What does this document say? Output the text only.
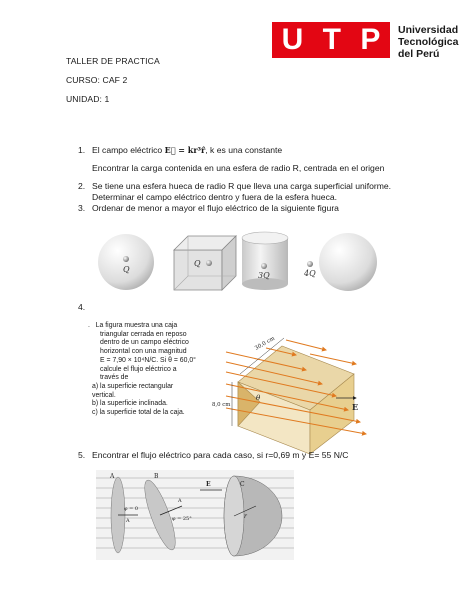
U T P Universidad
Tecnológica
del Perú
TALLER DE PRACTICA
CURSO: CAF 2
UNIDAD: 1
1. El campo eléctrico E⃗ = kr³r̂, k es una constante
Encontrar la carga contenida en una esfera de radio R, centrada en el origen
2. Se tiene una esfera hueca de radio R que lleva una carga superficial uniforme.
Determinar el campo eléctrico dentro y fuera de la esfera hueca.
3. Ordenar de menor a mayor el flujo eléctrico de la siguiente figura
Q
Q
3Q	4Q
4.
. La figura muestra una caja
triangular cerrada en reposo
dentro de un campo eléctrico
horizontal con una magnitud
E = 7,90 × 10⁴N/C. Si θ = 60,0°
calcule el flujo eléctrico a
través de
a) la superficie rectangular
vertical.
b) la superficie inclinada.
c) la superficie total de la caja.
30,0 cm
8,0 cm
θ
E
5. Encontrar el flujo eléctrico para cada caso, si r=0,69 m y E= 55 N/C
A
φ = 0
A
B
φ = 25°
A
E
r
C
